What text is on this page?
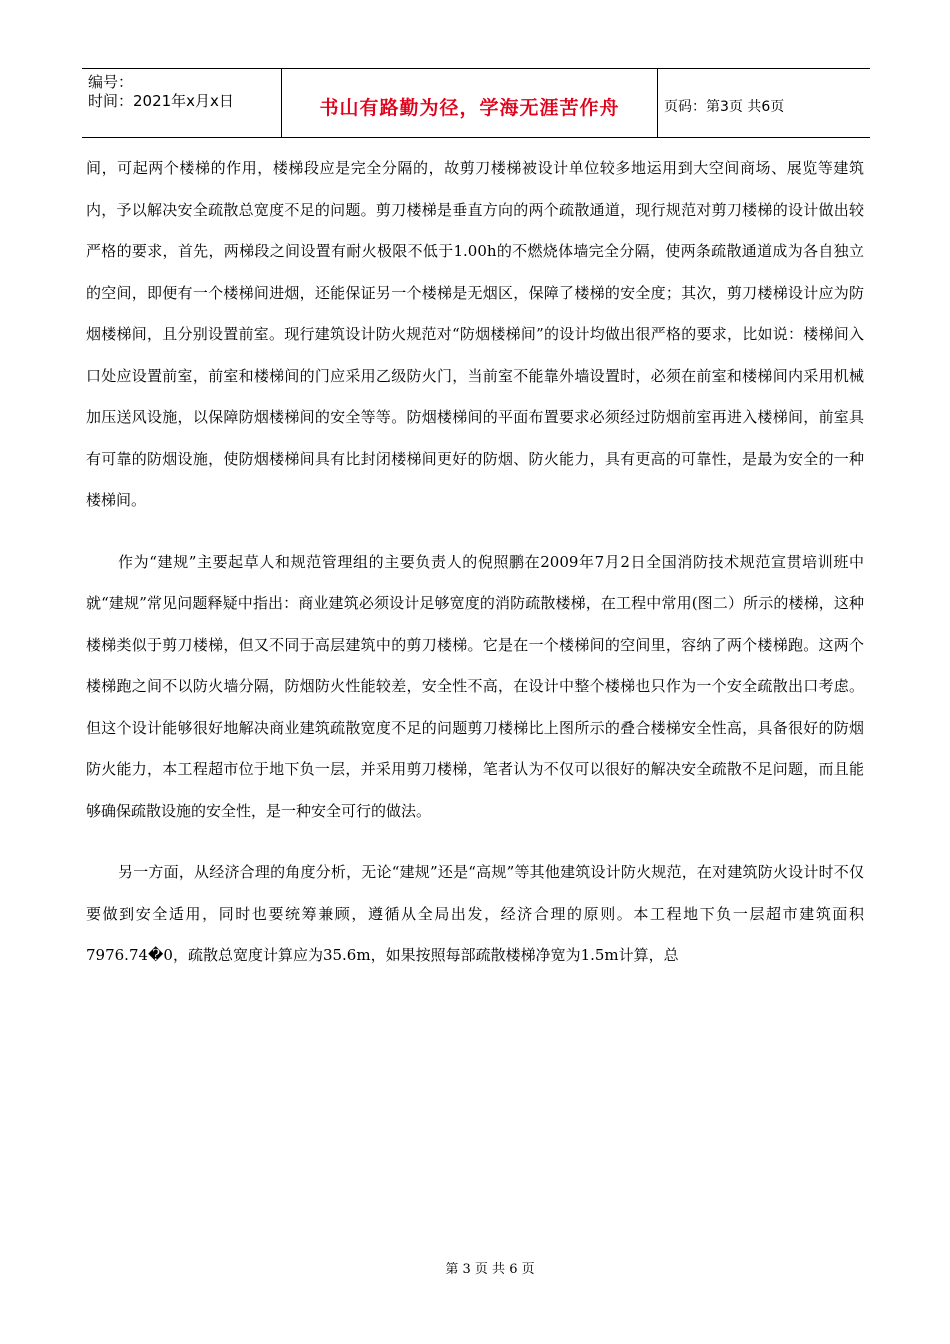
编号：
时间：2021年x月x日	书山有路勤为径，学海无涯苦作舟	页码：第3页 共6页

间，可起两个楼梯的作用，楼梯段应是完全分隔的，故剪刀楼梯被设计单位较多地运用到大空间商场、展览等建筑内，予以解决安全疏散总宽度不足的问题。剪刀楼梯是垂直方向的两个疏散通道，现行规范对剪刀楼梯的设计做出较严格的要求，首先，两梯段之间设置有耐火极限不低于1.00h的不燃烧体墙完全分隔，使两条疏散通道成为各自独立的空间，即便有一个楼梯间进烟，还能保证另一个楼梯是无烟区，保障了楼梯的安全度；其次，剪刀楼梯设计应为防烟楼梯间，且分别设置前室。现行建筑设计防火规范对“防烟楼梯间”的设计均做出很严格的要求，比如说：楼梯间入口处应设置前室，前室和楼梯间的门应采用乙级防火门，当前室不能靠外墙设置时，必须在前室和楼梯间内采用机械加压送风设施，以保障防烟楼梯间的安全等等。防烟楼梯间的平面布置要求必须经过防烟前室再进入楼梯间，前室具有可靠的防烟设施，使防烟楼梯间具有比封闭楼梯间更好的防烟、防火能力，具有更高的可靠性，是最为安全的一种楼梯间。

作为“建规”主要起草人和规范管理组的主要负责人的倪照鹏在2009年7月2日全国消防技术规范宣贯培训班中就“建规”常见问题释疑中指出：商业建筑必须设计足够宽度的消防疏散楼梯，在工程中常用(图二）所示的楼梯，这种楼梯类似于剪刀楼梯，但又不同于高层建筑中的剪刀楼梯。它是在一个楼梯间的空间里，容纳了两个楼梯跑。这两个楼梯跑之间不以防火墙分隔，防烟防火性能较差，安全性不高，在设计中整个楼梯也只作为一个安全疏散出口考虑。但这个设计能够很好地解决商业建筑疏散宽度不足的问题剪刀楼梯比上图所示的叠合楼梯安全性高，具备很好的防烟防火能力，本工程超市位于地下负一层，并采用剪刀楼梯，笔者认为不仅可以很好的解决安全疏散不足问题，而且能够确保疏散设施的安全性，是一种安全可行的做法。

另一方面，从经济合理的角度分析，无论“建规”还是“高规”等其他建筑设计防火规范，在对建筑防火设计时不仅要做到安全适用，同时也要统筹兼顾，遵循从全局出发，经济合理的原则。本工程地下负一层超市建筑面积7976.74�0，疏散总宽度计算应为35.6m，如果按照每部疏散楼梯净宽为1.5m计算，总

第 3 页 共 6 页
